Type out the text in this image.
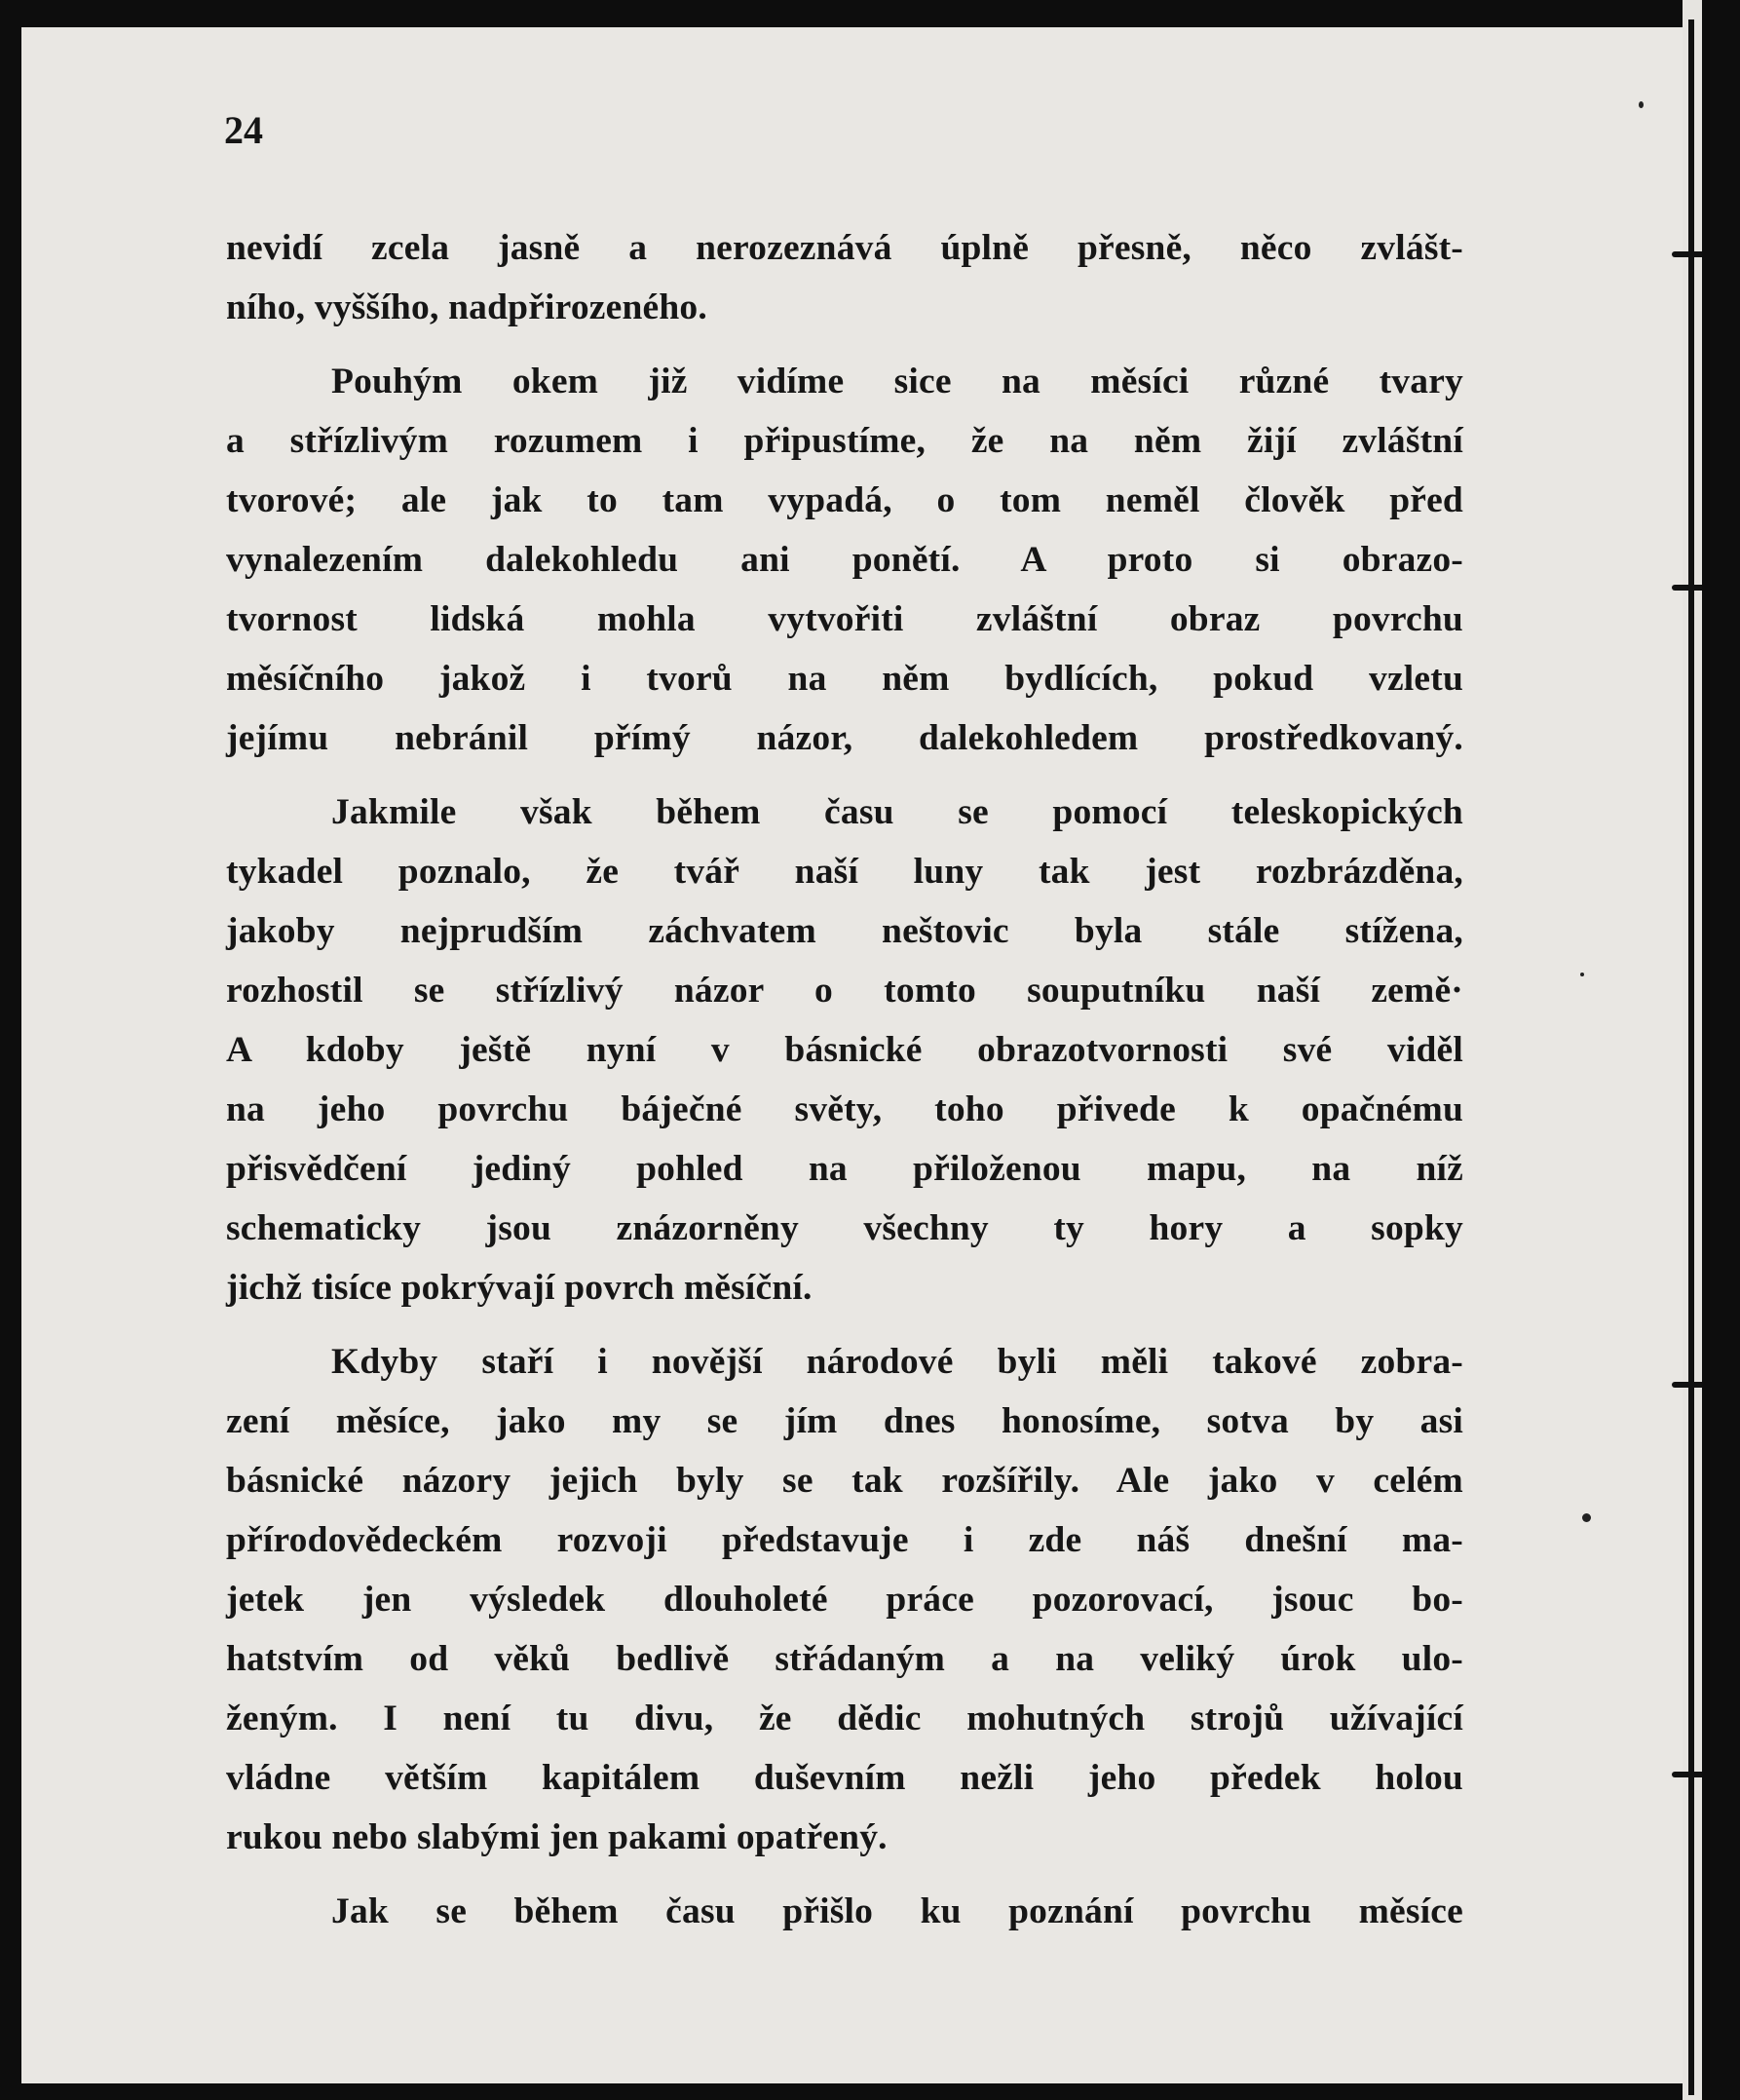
24

nevidí zcela jasně a nerozeznává úplně přesně, něco zvlášt-
ního, vyššího, nadpřirozeného.

Pouhým okem již vidíme sice na měsíci různé tvary
a střízlivým rozumem i připustíme, že na něm žijí zvláštní
tvorové; ale jak to tam vypadá, o tom neměl člověk před
vynalezením dalekohledu ani ponětí. A proto si obrazo-
tvornost lidská mohla vytvořiti zvláštní obraz povrchu
měsíčního jakož i tvorů na něm bydlících, pokud vzletu
jejímu nebránil přímý názor, dalekohledem prostředkovaný.

Jakmile však během času se pomocí teleskopických
tykadel poznalo, že tvář naší luny tak jest rozbrázděna,
jakoby nejprudším záchvatem neštovic byla stále stížena,
rozhostil se střízlivý názor o tomto souputníku naší země·
A kdoby ještě nyní v básnické obrazotvornosti své viděl
na jeho povrchu báječné světy, toho přivede k opačnému
přisvědčení jediný pohled na přiloženou mapu, na níž
schematicky jsou znázorněny všechny ty hory a sopky
jichž tisíce pokrývají povrch měsíční.

Kdyby staří i novější národové byli měli takové zobra-
zení měsíce, jako my se jím dnes honosíme, sotva by asi
básnické názory jejich byly se tak rozšířily. Ale jako v celém
přírodovědeckém rozvoji představuje i zde náš dnešní ma-
jetek jen výsledek dlouholeté práce pozorovací, jsouc bo-
hatstvím od věků bedlivě střádaným a na veliký úrok ulo-
ženým. I není tu divu, že dědic mohutných strojů užívající
vládne větším kapitálem duševním nežli jeho předek holou
rukou nebo slabými jen pakami opatřený.

Jak se během času přišlo ku poznání povrchu měsíce
